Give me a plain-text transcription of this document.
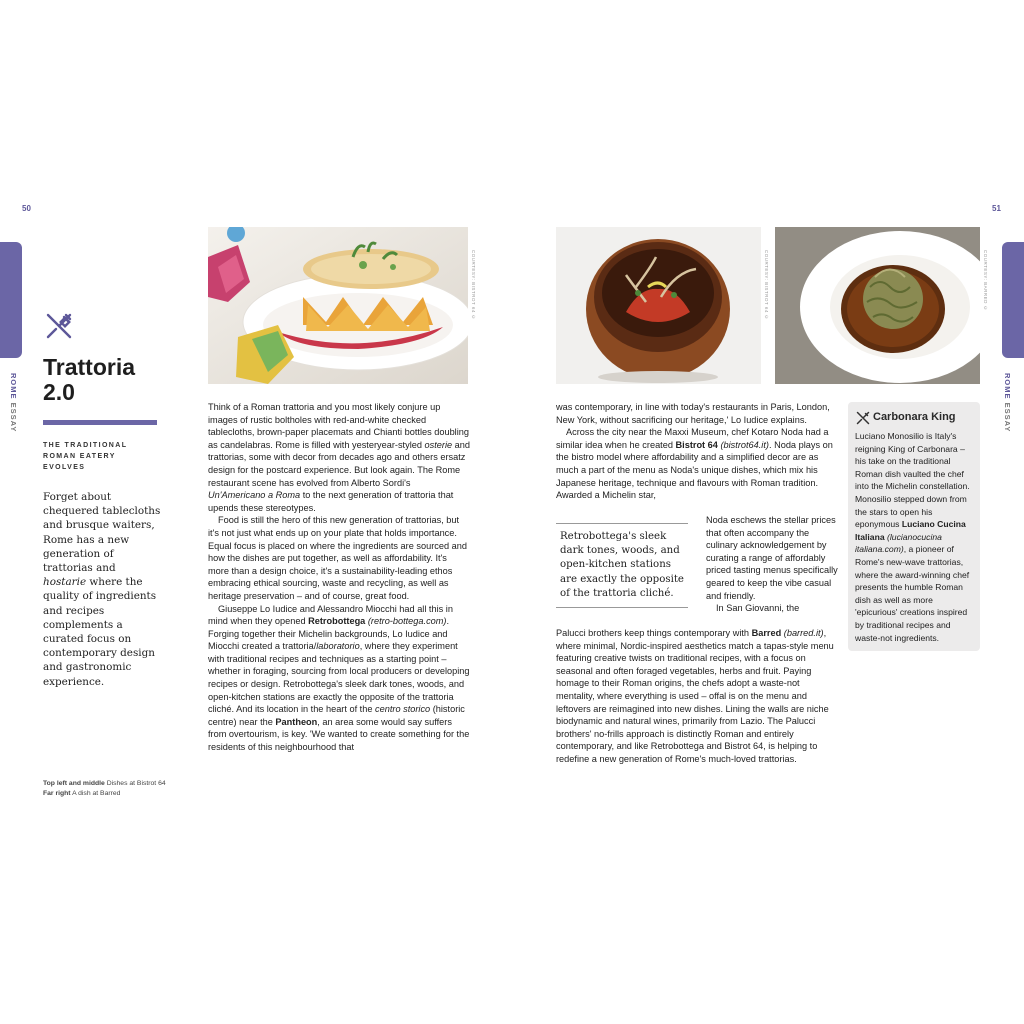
50	51
ROME ESSAY
ROME ESSAY
Trattoria
2.0
THE TRADITIONAL
ROMAN EATERY
EVOLVES
Forget about chequered tablecloths and brusque waiters, Rome has a new generation of trattorias and hostarie where the quality of ingredients and recipes complements a curated focus on contemporary design and gastronomic experience.
Top left and middle Dishes at Bistrot 64
Far right A dish at Barred
COURTESY: BISTROT 64 ©	COURTESY: BISTROT 64 ©	COURTESY: BARRED ©

Think of a Roman trattoria and you most likely conjure up images of rustic boltholes with red-and-white checked tablecloths, brown-paper placemats and Chianti bottles doubling as candelabras. Rome is filled with yesteryear-styled osterie and trattorias, some with decor from decades ago and others ersatz design for the postcard experience. But look again. The Rome restaurant scene has evolved from Alberto Sordi's Un'Americano a Roma to the next generation of trattoria that upends these stereotypes.

Food is still the hero of this new generation of trattorias, but it's not just what ends up on your plate that holds importance. Equal focus is placed on where the ingredients are sourced and how the dishes are put together, as well as affordability. It's more than a design choice, it's a sustainability-leading ethos embracing ethical sourcing, waste and recycling, as well as heritage preservation – and of course, great food.

Giuseppe Lo Iudice and Alessandro Miocchi had all this in mind when they opened Retrobottega (retro-bottega.com). Forging together their Michelin backgrounds, Lo Iudice and Miocchi created a trattoria/laboratorio, where they experiment with traditional recipes and techniques as a starting point – whether in foraging, sourcing from local producers or developing recipes or design. Retrobottega's sleek dark tones, woods, and open-kitchen stations are exactly the opposite of the trattoria cliché. And its location in the heart of the centro storico (historic centre) near the Pantheon, an area some would say suffers from overtourism, is key. 'We wanted to create something for the residents of this neighbourhood that

was contemporary, in line with today's restaurants in Paris, London, New York, without sacrificing our heritage,' Lo Iudice explains.

Across the city near the Maxxi Museum, chef Kotaro Noda had a similar idea when he created Bistrot 64 (bistrot64.it). Noda plays on the bistro model where affordability and a simplified decor are as much a part of the menu as Noda's unique dishes, which mix his Japanese heritage, technique and flavours with Roman tradition. Awarded a Michelin star,

Retrobottega's sleek dark tones, woods, and open-kitchen stations are exactly the opposite of the trattoria cliché.

Noda eschews the stellar prices that often accompany the culinary acknowledgement by curating a range of affordably priced tasting menus specifically geared to keep the vibe casual and friendly.

In San Giovanni, the

Palucci brothers keep things contemporary with Barred (barred.it), where minimal, Nordic-inspired aesthetics match a tapas-style menu featuring creative twists on traditional recipes, with a focus on seasonal and often foraged vegetables, herbs and fruit. Paying homage to their Roman origins, the chefs adopt a waste-not mentality, where everything is used – offal is on the menu and leftovers are reimagined into new dishes. Lining the walls are niche biodynamic and natural wines, primarily from Lazio. The Palucci brothers' no-frills approach is distinctly Roman and entirely contemporary, and like Retrobottega and Bistrot 64, is helping to redefine a new generation of Rome's much-loved trattorias.

Carbonara King
Luciano Monosilio is Italy's reigning King of Carbonara – his take on the traditional Roman dish vaulted the chef into the Michelin constellation. Monosilio stepped down from the stars to open his eponymous Luciano Cucina Italiana (lucianocucina italiana.com), a pioneer of Rome's new-wave trattorias, where the award-winning chef presents the humble Roman dish as well as more 'epicurious' creations inspired by traditional recipes and waste-not ingredients.
